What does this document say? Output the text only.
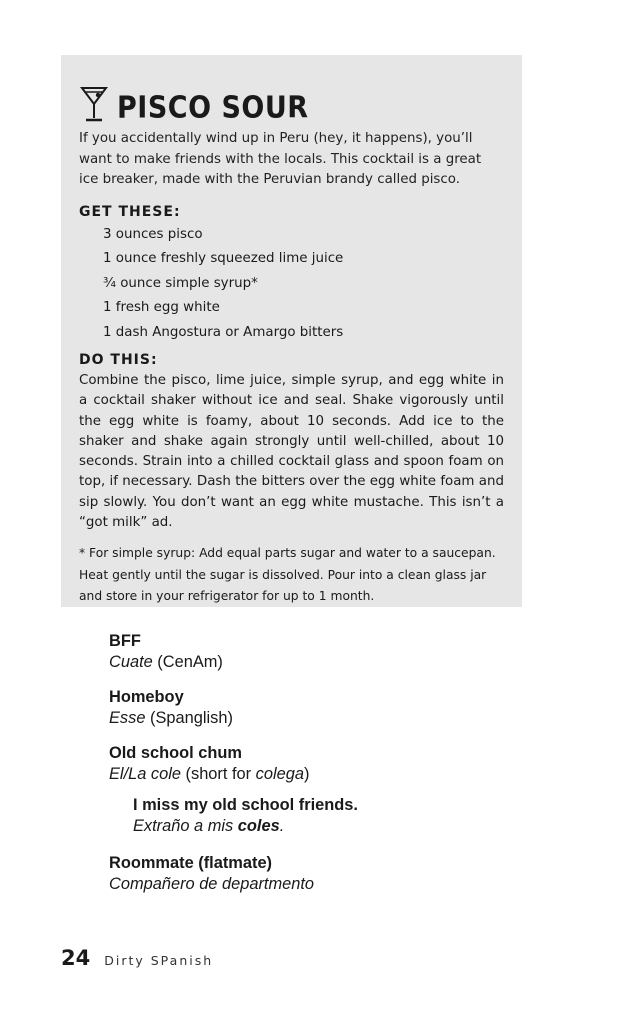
PISCO SOUR
If you accidentally wind up in Peru (hey, it happens), you’ll want to make friends with the locals. This cocktail is a great ice breaker, made with the Peruvian brandy called pisco.
GET THESE:
3 ounces pisco
1 ounce freshly squeezed lime juice
³⁄₄ ounce simple syrup*
1 fresh egg white
1 dash Angostura or Amargo bitters
DO THIS:
Combine the pisco, lime juice, simple syrup, and egg white in a cocktail shaker without ice and seal. Shake vigorously until the egg white is foamy, about 10 seconds. Add ice to the shaker and shake again strongly until well-chilled, about 10 seconds. Strain into a chilled cocktail glass and spoon foam on top, if necessary. Dash the bitters over the egg white foam and sip slowly. You don’t want an egg white mustache. This isn’t a “got milk” ad.
* For simple syrup: Add equal parts sugar and water to a saucepan. Heat gently until the sugar is dissolved. Pour into a clean glass jar and store in your refrigerator for up to 1 month.
BFF
Cuate (CenAm)
Homeboy
Esse (Spanglish)
Old school chum
El/La cole (short for colega)
I miss my old school friends.
Extraño a mis coles.
Roommate (flatmate)
Compañero de departmento
24 Dirty SPanish
